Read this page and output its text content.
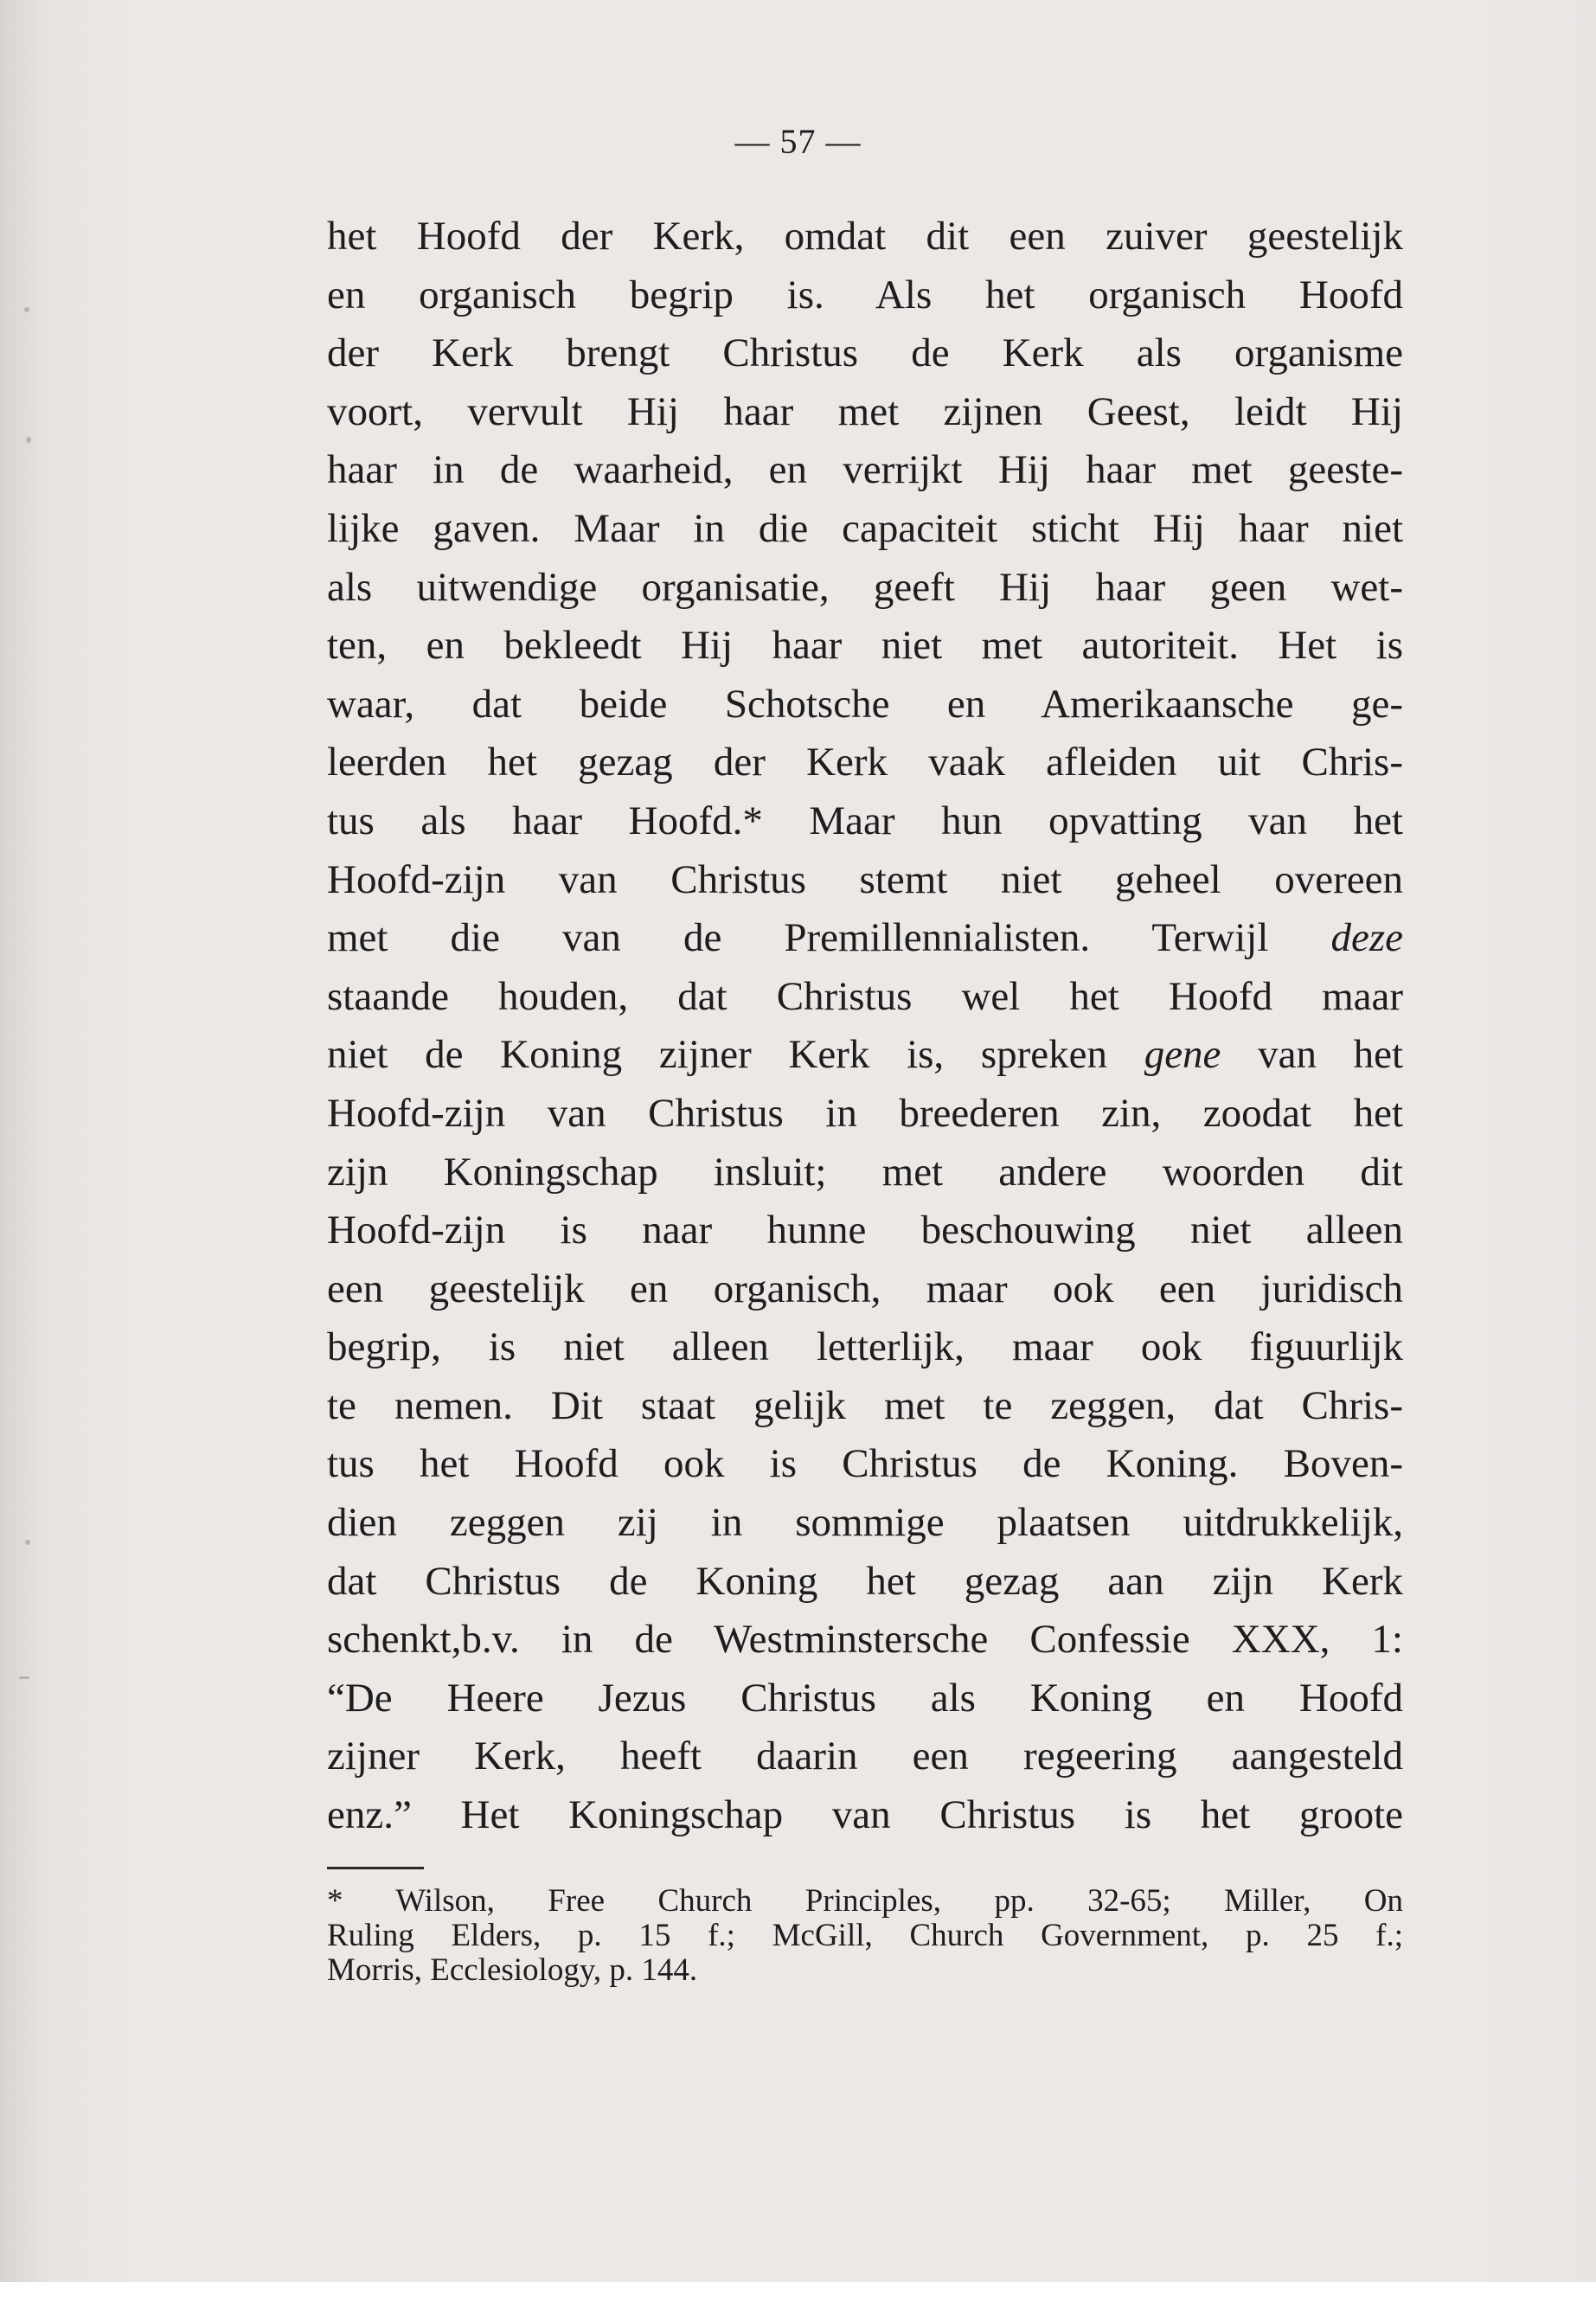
— 57 —
het Hoofd der Kerk, omdat dit een zuiver geestelijk
en organisch begrip is. Als het organisch Hoofd
der Kerk brengt Christus de Kerk als organisme
voort, vervult Hij haar met zijnen Geest, leidt Hij
haar in de waarheid, en verrijkt Hij haar met geeste-
lijke gaven. Maar in die capaciteit sticht Hij haar niet
als uitwendige organisatie, geeft Hij haar geen wet-
ten, en bekleedt Hij haar niet met autoriteit. Het is
waar, dat beide Schotsche en Amerikaansche ge-
leerden het gezag der Kerk vaak afleiden uit Chris-
tus als haar Hoofd.* Maar hun opvatting van het
Hoofd-zijn van Christus stemt niet geheel overeen
met die van de Premillennialisten. Terwijl deze
staande houden, dat Christus wel het Hoofd maar
niet de Koning zijner Kerk is, spreken gene van het
Hoofd-zijn van Christus in breederen zin, zoodat het
zijn Koningschap insluit; met andere woorden dit
Hoofd-zijn is naar hunne beschouwing niet alleen
een geestelijk en organisch, maar ook een juridisch
begrip, is niet alleen letterlijk, maar ook figuurlijk
te nemen. Dit staat gelijk met te zeggen, dat Chris-
tus het Hoofd ook is Christus de Koning. Boven-
dien zeggen zij in sommige plaatsen uitdrukkelijk,
dat Christus de Koning het gezag aan zijn Kerk
schenkt,b.v. in de Westminstersche Confessie XXX, 1:
“De Heere Jezus Christus als Koning en Hoofd
zijner Kerk, heeft daarin een regeering aangesteld
enz.” Het Koningschap van Christus is het groote
* Wilson, Free Church Principles, pp. 32-65; Miller, On
Ruling Elders, p. 15 f.; McGill, Church Government, p. 25 f.;
Morris, Ecclesiology, p. 144.
